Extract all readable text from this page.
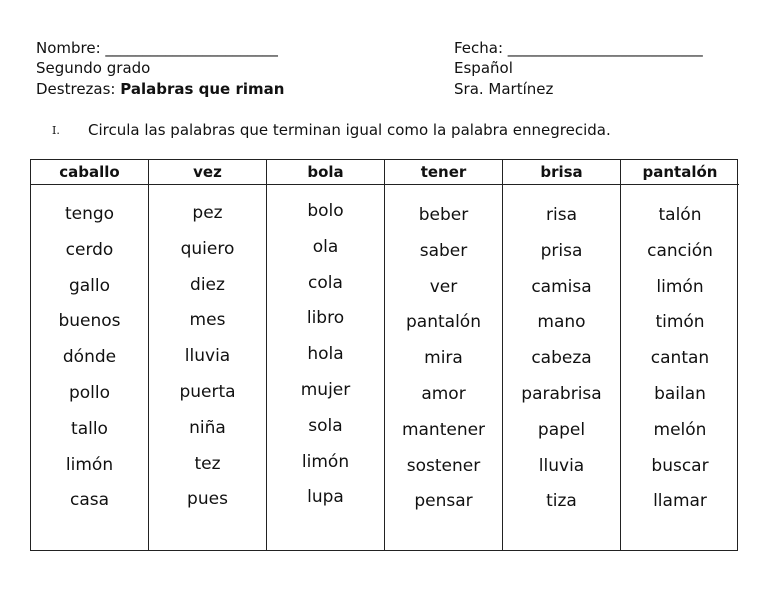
Nombre: _______________________
Segundo grado
Destrezas: Palabras que riman
Fecha: __________________________
Español
Sra. Martínez
I. Circula las palabras que terminan igual como la palabra ennegrecida.
caballo
tengo
cerdo
gallo
buenos
dónde
pollo
tallo
limón
casa
vez
pez
quiero
diez
mes
lluvia
puerta
niña
tez
pues
bola
bolo
ola
cola
libro
hola
mujer
sola
limón
lupa
tener
beber
saber
ver
pantalón
mira
amor
mantener
sostener
pensar
brisa
risa
prisa
camisa
mano
cabeza
parabrisa
papel
lluvia
tiza
pantalón
talón
canción
limón
timón
cantan
bailan
melón
buscar
llamar
